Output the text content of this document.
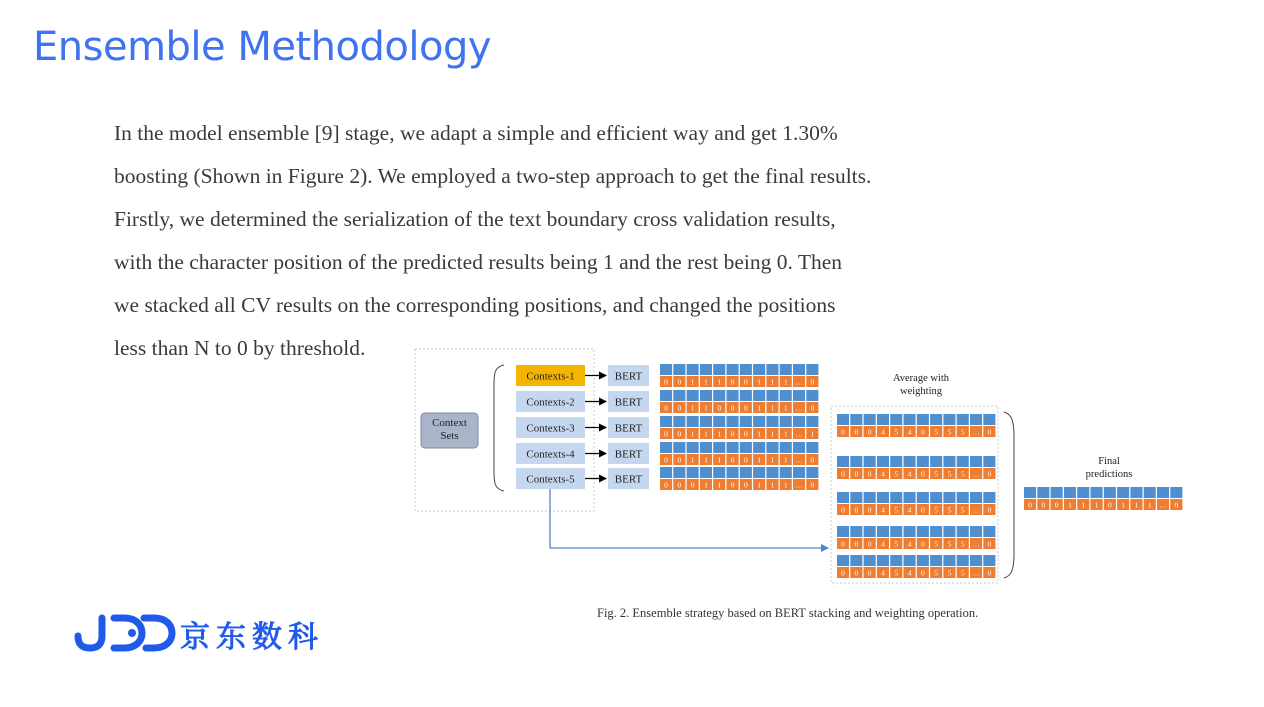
Ensemble Methodology
In the model ensemble [9] stage, we adapt a simple and efficient way and get 1.30%
boosting (Shown in Figure 2). We employed a two-step approach to get the final results.
Firstly, we determined the serialization of the text boundary cross validation results,
with the character position of the predicted results being 1 and the rest being 0. Then
we stacked all CV results on the corresponding positions, and changed the positions
less than N to 0 by threshold.
Context
Sets
Contexts-1	BERT
Contexts-2	BERT
Contexts-3	BERT
Contexts-4	BERT
Contexts-5	BERT
0 0 1 1 1 0 0 1 1 1 … 0
0 0 1 1 0 0 0 1 1 1 … 0
0 0 1 1 1 0 0 1 1 1 … 1
0 0 1 1 1 0 0 1 1 1 … 0
0 0 0 1 1 0 0 1 1 1 … 0
Average with
weighting
0 0 0 4 5 4 0 5 5 5 … 0
0 0 0 4 5 4 0 5 5 5 … 0
0 0 0 4 5 4 0 5 5 5 … 0
0 0 0 4 5 4 0 5 5 5 … 0
0 0 0 4 5 4 0 5 5 5 … 0
Final
predictions
0 0 0 1 1 1 0 1 1 1 … 0
Fig. 2. Ensemble strategy based on BERT stacking and weighting operation.
京东数科
